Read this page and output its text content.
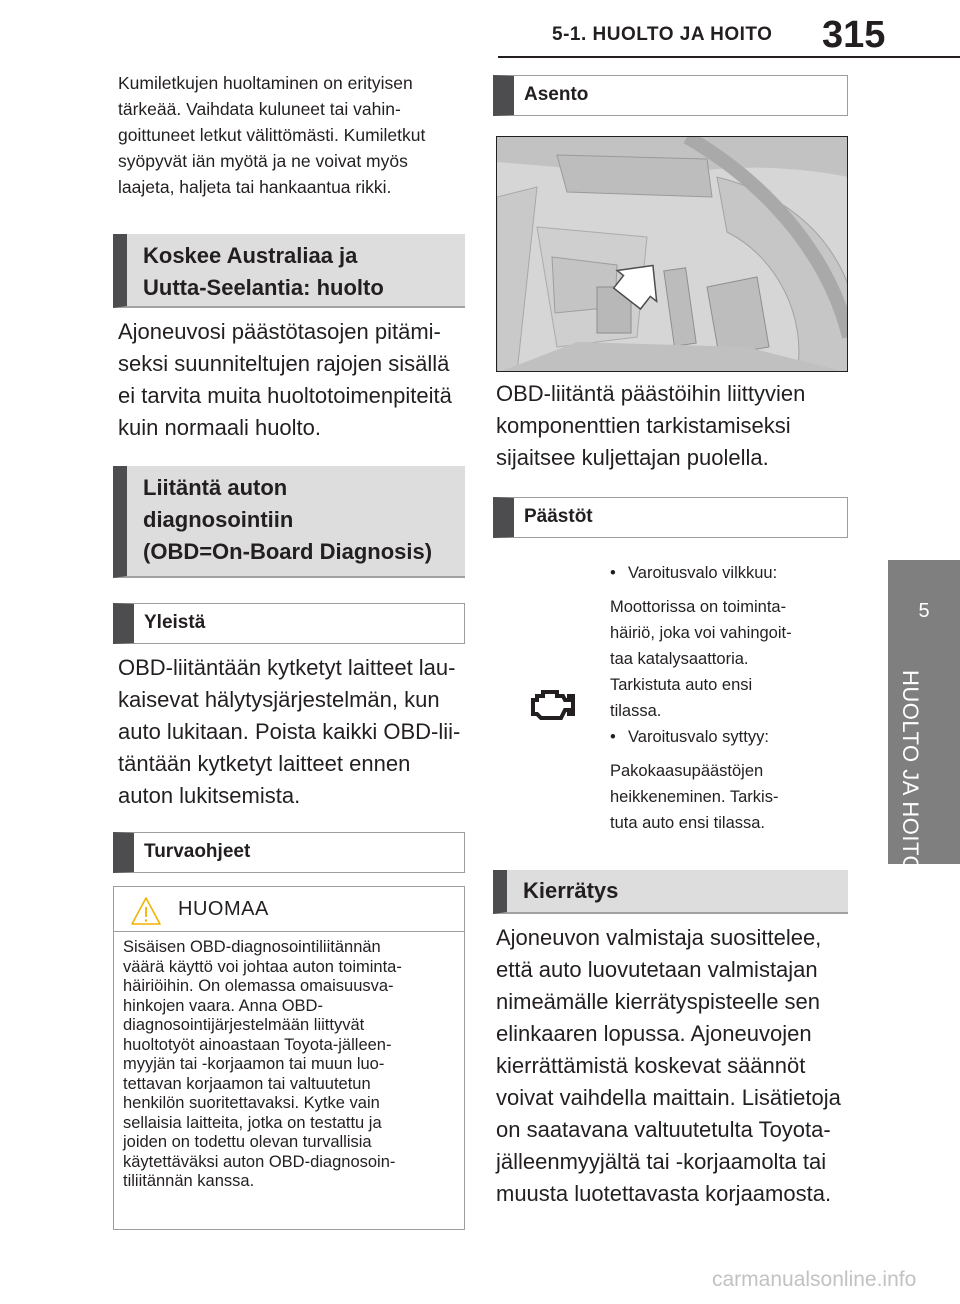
5-1. HUOLTO JA HOITO	315
5
HUOLTO JA HOITO
Kumiletkujen huoltaminen on erityisen
tärkeää. Vaihdata kuluneet tai vahin-
goittuneet letkut välittömästi. Kumiletkut
syöpyvät iän myötä ja ne voivat myös
laajeta, haljeta tai hankaantua rikki.
Koskee Australiaa ja
Uutta-Seelantia: huolto
Ajoneuvosi päästötasojen pitämi-
seksi suunniteltujen rajojen sisällä
ei tarvita muita huoltotoimenpiteitä
kuin normaali huolto.
Liitäntä auton
diagnosointiin
(OBD=On-Board Diagnosis)
Yleistä
OBD-liitäntään kytketyt laitteet lau-
kaisevat hälytysjärjestelmän, kun
auto lukitaan. Poista kaikki OBD-lii-
täntään kytketyt laitteet ennen
auton lukitsemista.
Turvaohjeet
HUOMAA
Sisäisen OBD-diagnosointiliitännän
väärä käyttö voi johtaa auton toiminta-
häiriöihin. On olemassa omaisuusva-
hinkojen vaara. Anna OBD-
diagnosointijärjestelmään liittyvät
huoltotyöt ainoastaan Toyota-jälleen-
myyjän tai -korjaamon tai muun luo-
tettavan korjaamon tai valtuutetun
henkilön suoritettavaksi. Kytke vain
sellaisia laitteita, jotka on testattu ja
joiden on todettu olevan turvallisia
käytettäväksi auton OBD-diagnosoin-
tiliitännän kanssa.
Asento
OBD-liitäntä päästöihin liittyvien
komponenttien tarkistamiseksi
sijaitsee kuljettajan puolella.
Päästöt
• Varoitusvalo vilkkuu:
Moottorissa on toiminta-
häiriö, joka voi vahingoit-
taa katalysaattoria.
Tarkistuta auto ensi
tilassa.
• Varoitusvalo syttyy:
Pakokaasupäästöjen
heikkeneminen. Tarkis-
tuta auto ensi tilassa.
Kierrätys
Ajoneuvon valmistaja suosittelee,
että auto luovutetaan valmistajan
nimeämälle kierrätyspisteelle sen
elinkaaren lopussa. Ajoneuvojen
kierrättämistä koskevat säännöt
voivat vaihdella maittain. Lisätietoja
on saatavana valtuutetulta Toyota-
jälleenmyyjältä tai -korjaamolta tai
muusta luotettavasta korjaamosta.
carmanualsonline.info
